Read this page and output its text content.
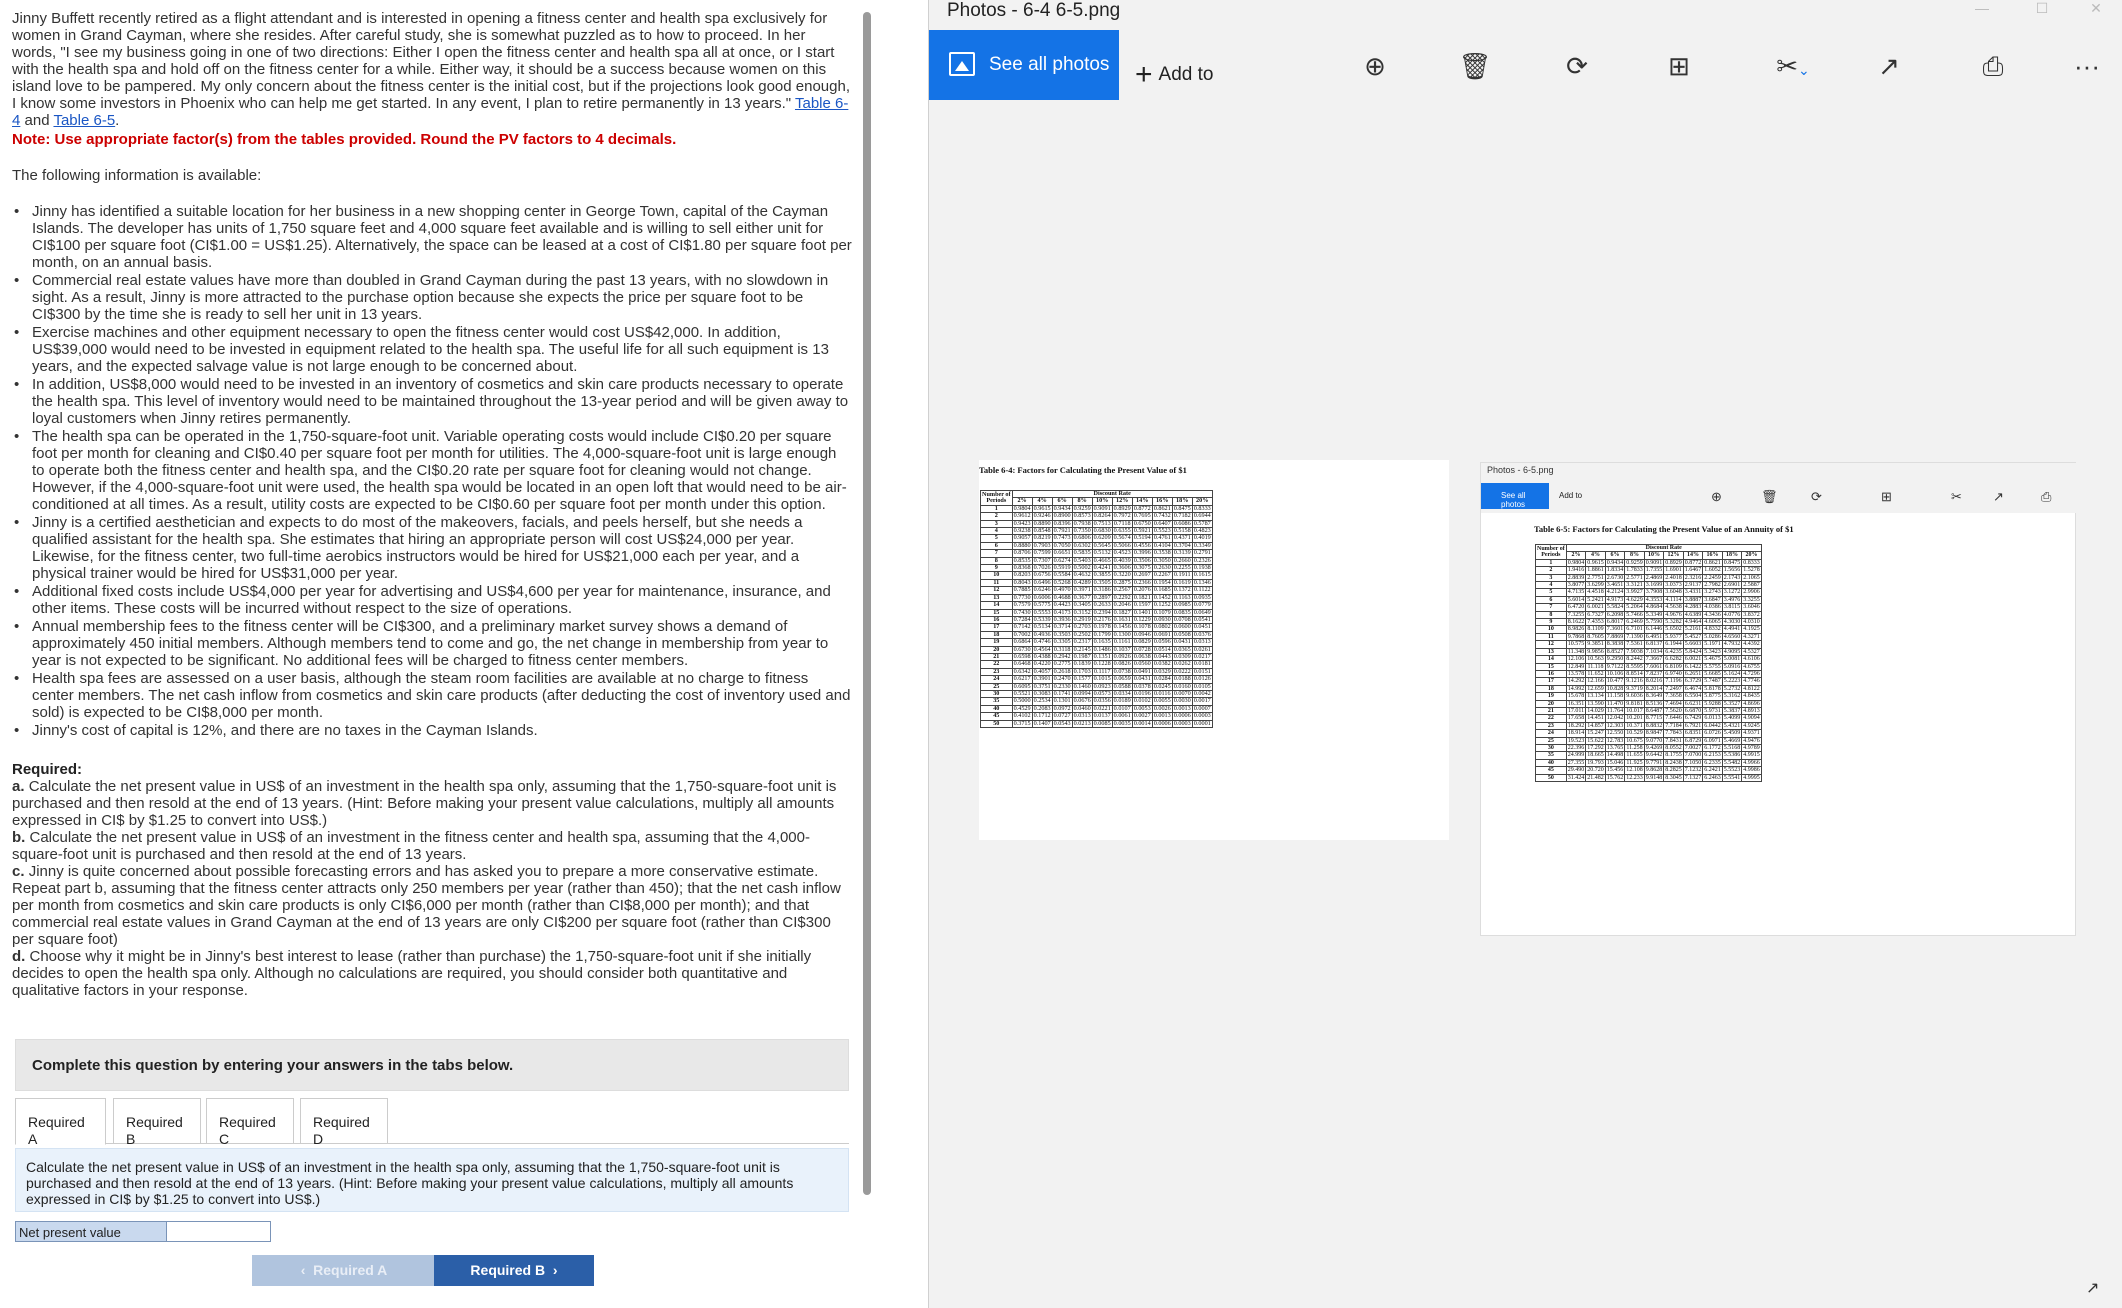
Jinny Buffett recently retired as a flight attendant and is interested in opening a fitness center and health spa exclusively for women in Grand Cayman, where she resides. After careful study, she is somewhat puzzled as to how to proceed. In her words, "I see my business going in one of two directions: Either I open the fitness center and health spa all at once, or I start with the health spa and hold off on the fitness center for a while. Either way, it should be a success because women on this island love to be pampered. My only concern about the fitness center is the initial cost, but if the projections look good enough, I know some investors in Phoenix who can help me get started. In any event, I plan to retire permanently in 13 years." Table 6-4 and Table 6-5.
Note: Use appropriate factor(s) from the tables provided. Round the PV factors to 4 decimals.
The following information is available:
• Jinny has identified a suitable location for her business in a new shopping center in George Town, capital of the Cayman Islands. The developer has units of 1,750 square feet and 4,000 square feet available and is willing to sell either unit for CI$100 per square foot (CI$1.00 = US$1.25). Alternatively, the space can be leased at a cost of CI$1.80 per square foot per month, on an annual basis.
• Commercial real estate values have more than doubled in Grand Cayman during the past 13 years, with no slowdown in sight. As a result, Jinny is more attracted to the purchase option because she expects the price per square foot to be CI$300 by the time she is ready to sell her unit in 13 years.
• Exercise machines and other equipment necessary to open the fitness center would cost US$42,000. In addition, US$39,000 would need to be invested in equipment related to the health spa. The useful life for all such equipment is 13 years, and the expected salvage value is not large enough to be concerned about.
• In addition, US$8,000 would need to be invested in an inventory of cosmetics and skin care products necessary to operate the health spa. This level of inventory would need to be maintained throughout the 13-year period and will be given away to loyal customers when Jinny retires permanently.
• The health spa can be operated in the 1,750-square-foot unit. Variable operating costs would include CI$0.20 per square foot per month for cleaning and CI$0.40 per square foot per month for utilities. The 4,000-square-foot unit is large enough to operate both the fitness center and health spa, and the CI$0.20 rate per square foot for cleaning would not change. However, if the 4,000-square-foot unit were used, the health spa would be located in an open loft that would need to be air-conditioned at all times. As a result, utility costs are expected to be CI$0.60 per square foot per month under this option.
• Jinny is a certified aesthetician and expects to do most of the makeovers, facials, and peels herself, but she needs a qualified assistant for the health spa. She estimates that hiring an appropriate person will cost US$24,000 per year. Likewise, for the fitness center, two full-time aerobics instructors would be hired for US$21,000 each per year, and a physical trainer would be hired for US$31,000 per year.
• Additional fixed costs include US$4,000 per year for advertising and US$4,600 per year for maintenance, insurance, and other items. These costs will be incurred without respect to the size of operations.
• Annual membership fees to the fitness center will be CI$300, and a preliminary market survey shows a demand of approximately 450 initial members. Although members tend to come and go, the net change in membership from year to year is not expected to be significant. No additional fees will be charged to fitness center members.
• Health spa fees are assessed on a user basis, although the steam room facilities are available at no charge to fitness center members. The net cash inflow from cosmetics and skin care products (after deducting the cost of inventory used and sold) is expected to be CI$8,000 per month.
• Jinny's cost of capital is 12%, and there are no taxes in the Cayman Islands.
Required:
a. Calculate the net present value in US$ of an investment in the health spa only, assuming that the 1,750-square-foot unit is purchased and then resold at the end of 13 years. (Hint: Before making your present value calculations, multiply all amounts expressed in CI$ by $1.25 to convert into US$.)
b. Calculate the net present value in US$ of an investment in the fitness center and health spa, assuming that the 4,000-square-foot unit is purchased and then resold at the end of 13 years.
c. Jinny is quite concerned about possible forecasting errors and has asked you to prepare a more conservative estimate. Repeat part b, assuming that the fitness center attracts only 250 members per year (rather than 450); that the net cash inflow per month from cosmetics and skin care products is only CI$6,000 per month (rather than CI$8,000 per month); and that commercial real estate values in Grand Cayman at the end of 13 years are only CI$200 per square foot (rather than CI$300 per square foot)
d. Choose why it might be in Jinny's best interest to lease (rather than purchase) the 1,750-square-foot unit if she initially decides to open the health spa only. Although no calculations are required, you should consider both quantitative and qualitative factors in your response.
Complete this question by entering your answers in the tabs below.
Required A
Required B
Required C
Required D
Calculate the net present value in US$ of an investment in the health spa only, assuming that the 1,750-square-foot unit is purchased and then resold at the end of 13 years. (Hint: Before making your present value calculations, multiply all amounts expressed in CI$ by $1.25 to convert into US$.)
Net present value
‹  Required A	Required B  ›
Photos - 6-4 6-5.png	—	☐	✕
See all photos + Add to	⊕	🗑	⟳	⊞	✂⌄	↗	⎙	···
Table 6-4: Factors for Calculating the Present Value of $1
Number of
Periods	Discount Rate									
	2%	4%	6%	8%	10%	12%	14%	16%	18%	20%
1	0.9804	0.9615	0.9434	0.9259	0.9091	0.8929	0.8772	0.8621	0.8475	0.8333
2	0.9612	0.9246	0.8900	0.8573	0.8264	0.7972	0.7695	0.7432	0.7182	0.6944
3	0.9423	0.8890	0.8396	0.7938	0.7513	0.7118	0.6750	0.6407	0.6086	0.5787
4	0.9238	0.8548	0.7921	0.7350	0.6830	0.6355	0.5921	0.5523	0.5158	0.4823
5	0.9057	0.8219	0.7473	0.6806	0.6209	0.5674	0.5194	0.4761	0.4371	0.4019
6	0.8880	0.7903	0.7050	0.6302	0.5645	0.5066	0.4556	0.4104	0.3704	0.3349
7	0.8706	0.7599	0.6651	0.5835	0.5132	0.4523	0.3996	0.3538	0.3139	0.2791
8	0.8535	0.7307	0.6274	0.5403	0.4665	0.4039	0.3506	0.3050	0.2660	0.2326
9	0.8368	0.7026	0.5919	0.5002	0.4241	0.3606	0.3075	0.2630	0.2255	0.1938
10	0.8203	0.6756	0.5584	0.4632	0.3855	0.3220	0.2697	0.2267	0.1911	0.1615
11	0.8043	0.6496	0.5268	0.4289	0.3505	0.2875	0.2366	0.1954	0.1619	0.1346
12	0.7885	0.6246	0.4970	0.3971	0.3186	0.2567	0.2076	0.1685	0.1372	0.1122
13	0.7730	0.6006	0.4688	0.3677	0.2897	0.2292	0.1821	0.1452	0.1163	0.0935
14	0.7579	0.5775	0.4423	0.3405	0.2633	0.2046	0.1597	0.1252	0.0985	0.0779
15	0.7430	0.5553	0.4173	0.3152	0.2394	0.1827	0.1401	0.1079	0.0835	0.0649
16	0.7284	0.5339	0.3936	0.2919	0.2176	0.1631	0.1229	0.0930	0.0708	0.0541
17	0.7142	0.5134	0.3714	0.2703	0.1978	0.1456	0.1078	0.0802	0.0600	0.0451
18	0.7002	0.4936	0.3503	0.2502	0.1799	0.1300	0.0946	0.0691	0.0508	0.0376
19	0.6864	0.4746	0.3305	0.2317	0.1635	0.1161	0.0829	0.0596	0.0431	0.0313
20	0.6730	0.4564	0.3118	0.2145	0.1486	0.1037	0.0728	0.0514	0.0365	0.0261
21	0.6598	0.4388	0.2942	0.1987	0.1351	0.0926	0.0638	0.0443	0.0309	0.0217
22	0.6468	0.4220	0.2775	0.1839	0.1228	0.0826	0.0560	0.0382	0.0262	0.0181
23	0.6342	0.4057	0.2618	0.1703	0.1117	0.0738	0.0491	0.0329	0.0222	0.0151
24	0.6217	0.3901	0.2470	0.1577	0.1015	0.0659	0.0431	0.0284	0.0188	0.0126
25	0.6095	0.3751	0.2330	0.1460	0.0923	0.0588	0.0378	0.0245	0.0160	0.0105
30	0.5521	0.3083	0.1741	0.0994	0.0573	0.0334	0.0196	0.0116	0.0070	0.0042
35	0.5000	0.2534	0.1301	0.0676	0.0356	0.0189	0.0102	0.0055	0.0030	0.0017
40	0.4529	0.2083	0.0972	0.0460	0.0221	0.0107	0.0053	0.0026	0.0013	0.0007
45	0.4102	0.1712	0.0727	0.0313	0.0137	0.0061	0.0027	0.0013	0.0006	0.0003
50	0.3715	0.1407	0.0543	0.0213	0.0085	0.0035	0.0014	0.0006	0.0003	0.0001
Photos - 6-5.png
See all photos
Add to	⊕	🗑	⟳	⊞	✂ ↗	⎙
Table 6-5: Factors for Calculating the Present Value of an Annuity of $1
Number of
Periods	Discount Rate									
	2%	4%	6%	8%	10%	12%	14%	16%	18%	20%
1	0.9804	0.9615	0.9434	0.9259	0.9091	0.8929	0.8772	0.8621	0.8475	0.8333
2	1.9416	1.8861	1.8334	1.7833	1.7355	1.6901	1.6467	1.6052	1.5656	1.5278
3	2.8839	2.7751	2.6730	2.5771	2.4869	2.4018	2.3216	2.2459	2.1743	2.1065
4	3.8077	3.6299	3.4651	3.3121	3.1699	3.0373	2.9137	2.7982	2.6901	2.5887
5	4.7135	4.4518	4.2124	3.9927	3.7908	3.6048	3.4331	3.2743	3.1272	2.9906
6	5.6014	5.2421	4.9173	4.6229	4.3553	4.1114	3.8887	3.6847	3.4976	3.3255
7	6.4720	6.0021	5.5824	5.2064	4.8684	4.5638	4.2883	4.0386	3.8115	3.6046
8	7.3255	6.7327	6.2098	5.7466	5.3349	4.9676	4.6389	4.3436	4.0776	3.8372
9	8.1622	7.4353	6.8017	6.2469	5.7590	5.3282	4.9464	4.6065	4.3030	4.0310
10	8.9826	8.1109	7.3601	6.7101	6.1446	5.6502	5.2161	4.8332	4.4941	4.1925
11	9.7868	8.7605	7.8869	7.1390	6.4951	5.9377	5.4527	5.0286	4.6560	4.3271
12	10.575	9.3851	8.3838	7.5361	6.8137	6.1944	5.6603	5.1971	4.7932	4.4392
13	11.348	9.9856	8.8527	7.9038	7.1034	6.4235	5.8424	5.3423	4.9095	4.5327
14	12.106	10.563	9.2950	8.2442	7.3667	6.6282	6.0021	5.4675	5.0081	4.6106
15	12.849	11.118	9.7122	8.5595	7.6061	6.8109	6.1422	5.5755	5.0916	4.6755
16	13.578	11.652	10.106	8.8514	7.8237	6.9740	6.2651	5.6685	5.1624	4.7296
17	14.292	12.166	10.477	9.1216	8.0216	7.1196	6.3729	5.7487	5.2223	4.7746
18	14.992	12.659	10.828	9.3719	8.2014	7.2497	6.4674	5.8178	5.2732	4.8122
19	15.678	13.134	11.158	9.6036	8.3649	7.3658	6.5504	5.8775	5.3162	4.8435
20	16.351	13.590	11.470	9.8181	8.5136	7.4694	6.6231	5.9288	5.3527	4.8696
21	17.011	14.029	11.764	10.017	8.6487	7.5620	6.6870	5.9731	5.3837	4.8913
22	17.658	14.451	12.042	10.201	8.7715	7.6446	6.7429	6.0113	5.4099	4.9094
23	18.292	14.857	12.303	10.371	8.8832	7.7184	6.7921	6.0442	5.4321	4.9245
24	18.914	15.247	12.550	10.529	8.9847	7.7843	6.8351	6.0726	5.4509	4.9371
25	19.523	15.622	12.783	10.675	9.0770	7.8431	6.8729	6.0971	5.4669	4.9476
30	22.396	17.292	13.765	11.258	9.4269	8.0552	7.0027	6.1772	5.5168	4.9789
35	24.999	18.665	14.498	11.655	9.6442	8.1755	7.0700	6.2153	5.5386	4.9915
40	27.355	19.793	15.046	11.925	9.7791	8.2438	7.1050	6.2335	5.5482	4.9966
45	29.490	20.720	15.456	12.108	9.8628	8.2825	7.1232	6.2421	5.5523	4.9986
50	31.424	21.482	15.762	12.233	9.9148	8.3045	7.1327	6.2463	5.5541	4.9995
↗
